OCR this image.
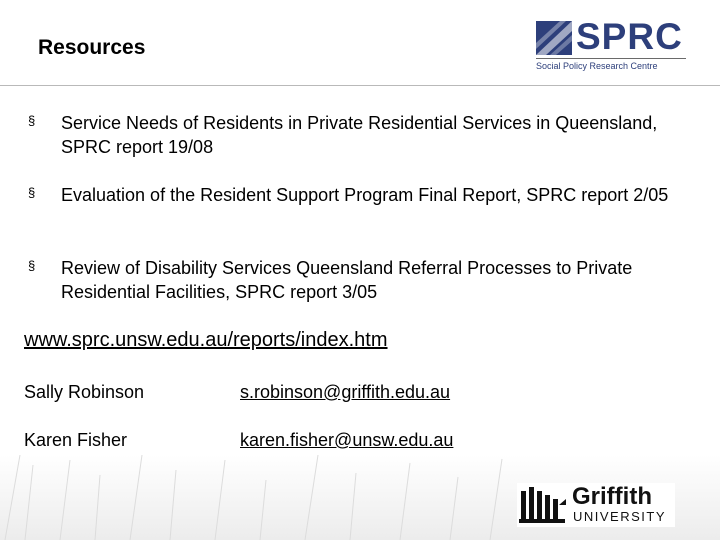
Resources	SPRC
Social Policy Research Centre
§ Service Needs of Residents in Private Residential Services in Queensland, SPRC report 19/08
§ Evaluation of the Resident Support Program Final Report, SPRC report 2/05
§ Review of Disability Services Queensland Referral Processes to Private Residential Facilities, SPRC report 3/05
www.sprc.unsw.edu.au/reports/index.htm
Sally Robinson	s.robinson@griffith.edu.au
Karen Fisher	karen.fisher@unsw.edu.au
Griffith
UNIVERSITY
